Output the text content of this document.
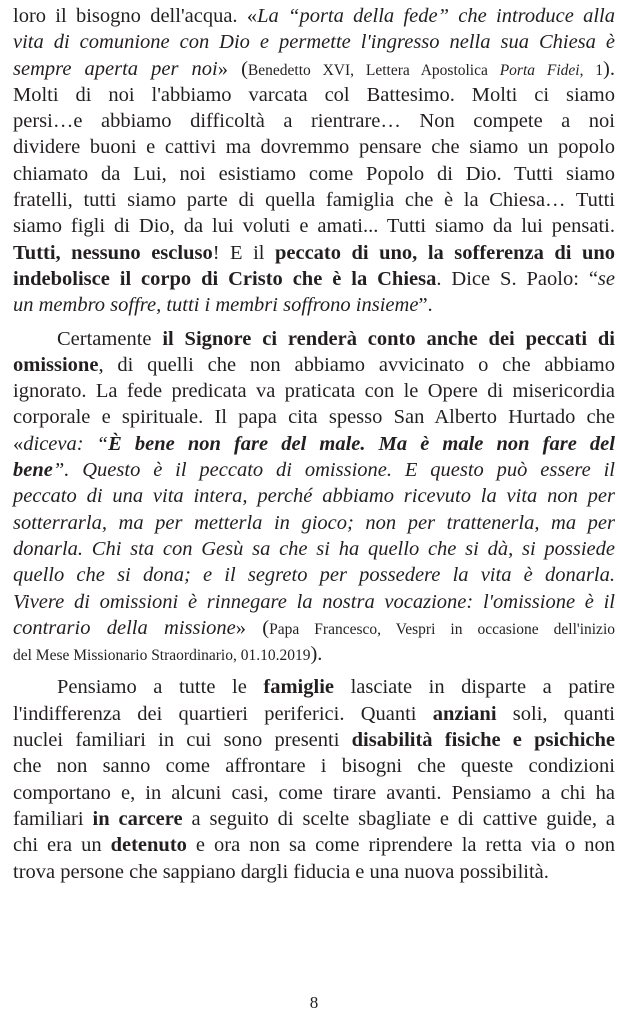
loro il bisogno dell'acqua. «La “porta della fede” che introduce alla
vita di comunione con Dio e permette l'ingresso nella sua Chiesa è
sempre aperta per noi» (Benedetto XVI, Lettera Apostolica Porta Fidei, 1).
Molti di noi l'abbiamo varcata col Battesimo. Molti ci siamo
persi…e abbiamo difficoltà a rientrare… Non compete a noi
dividere buoni e cattivi ma dovremmo pensare che siamo un popolo
chiamato da Lui, noi esistiamo come Popolo di Dio. Tutti siamo
fratelli, tutti siamo parte di quella famiglia che è la Chiesa… Tutti
siamo figli di Dio, da lui voluti e amati... Tutti siamo da lui pensati.
Tutti, nessuno escluso! E il peccato di uno, la sofferenza di uno
indebolisce il corpo di Cristo che è la Chiesa. Dice S. Paolo: “se
un membro soffre, tutti i membri soffrono insieme”.
Certamente il Signore ci renderà conto anche dei peccati di
omissione, di quelli che non abbiamo avvicinato o che abbiamo
ignorato. La fede predicata va praticata con le Opere di misericordia
corporale e spirituale. Il papa cita spesso San Alberto Hurtado che
«diceva: “È bene non fare del male. Ma è male non fare del
bene”. Questo è il peccato di omissione. E questo può essere il
peccato di una vita intera, perché abbiamo ricevuto la vita non per
sotterrarla, ma per metterla in gioco; non per trattenerla, ma per
donarla. Chi sta con Gesù sa che si ha quello che si dà, si possiede
quello che si dona; e il segreto per possedere la vita è donarla.
Vivere di omissioni è rinnegare la nostra vocazione: l'omissione è il
contrario della missione» (Papa Francesco, Vespri in occasione dell'inizio
del Mese Missionario Straordinario, 01.10.2019).
Pensiamo a tutte le famiglie lasciate in disparte a patire
l'indifferenza dei quartieri periferici. Quanti anziani soli, quanti
nuclei familiari in cui sono presenti disabilità fisiche e psichiche
che non sanno come affrontare i bisogni che queste condizioni
comportano e, in alcuni casi, come tirare avanti. Pensiamo a chi ha
familiari in carcere a seguito di scelte sbagliate e di cattive guide, a
chi era un detenuto e ora non sa come riprendere la retta via o non
trova persone che sappiano dargli fiducia e una nuova possibilità.
8
